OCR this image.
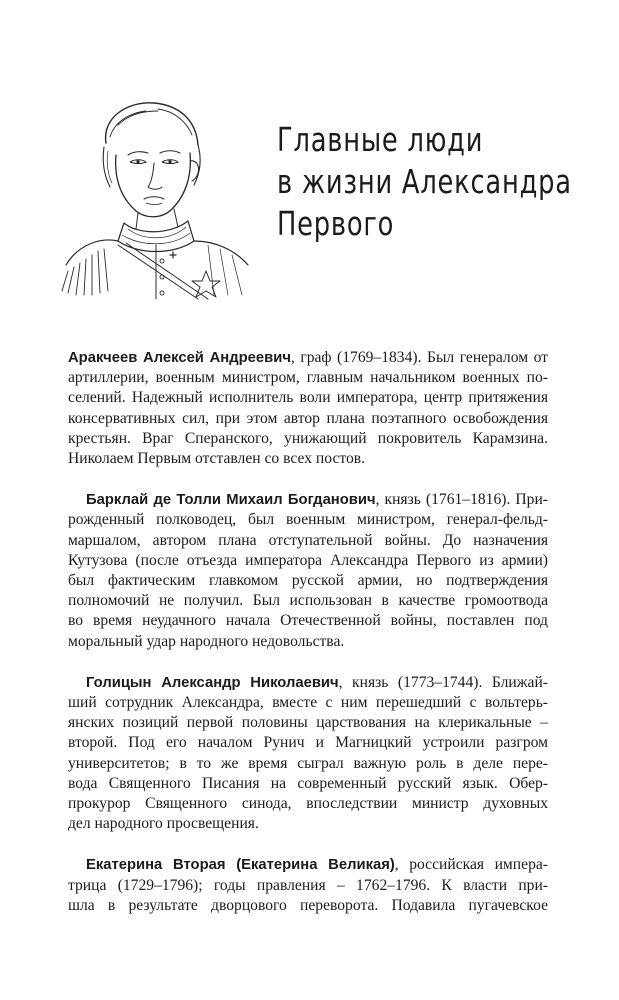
Главные люди
в жизни Александра
Первого

Аракчеев Алексей Андреевич, граф (1769–1834). Был генералом от
артиллерии, военным министром, главным начальником военных по-
селений. Надежный исполнитель воли императора, центр притяжения
консервативных сил, при этом автор плана поэтапного освобождения
крестьян. Враг Сперанского, унижающий покровитель Карамзина.
Николаем Первым отставлен со всех постов.

Барклай де Толли Михаил Богданович, князь (1761–1816). При-
рожденный полководец, был военным министром, генерал-фельд-
маршалом, автором плана отступательной войны. До назначения
Кутузова (после отъезда императора Александра Первого из армии)
был фактическим главкомом русской армии, но подтверждения
полномочий не получил. Был использован в качестве громоотвода
во время неудачного начала Отечественной войны, поставлен под
моральный удар народного недовольства.

Голицын Александр Николаевич, князь (1773–1744). Ближай-
ший сотрудник Александра, вместе с ним перешедший с вольтерь-
янских позиций первой половины царствования на клерикальные –
второй. Под его началом Рунич и Магницкий устроили разгром
университетов; в то же время сыграл важную роль в деле пере-
вода Священного Писания на современный русский язык. Обер-
прокурор Священного синода, впоследствии министр духовных
дел народного просвещения.

Екатерина Вторая (Екатерина Великая), российская импера-
трица (1729–1796); годы правления – 1762–1796. К власти при-
шла в результате дворцового переворота. Подавила пугачевское
